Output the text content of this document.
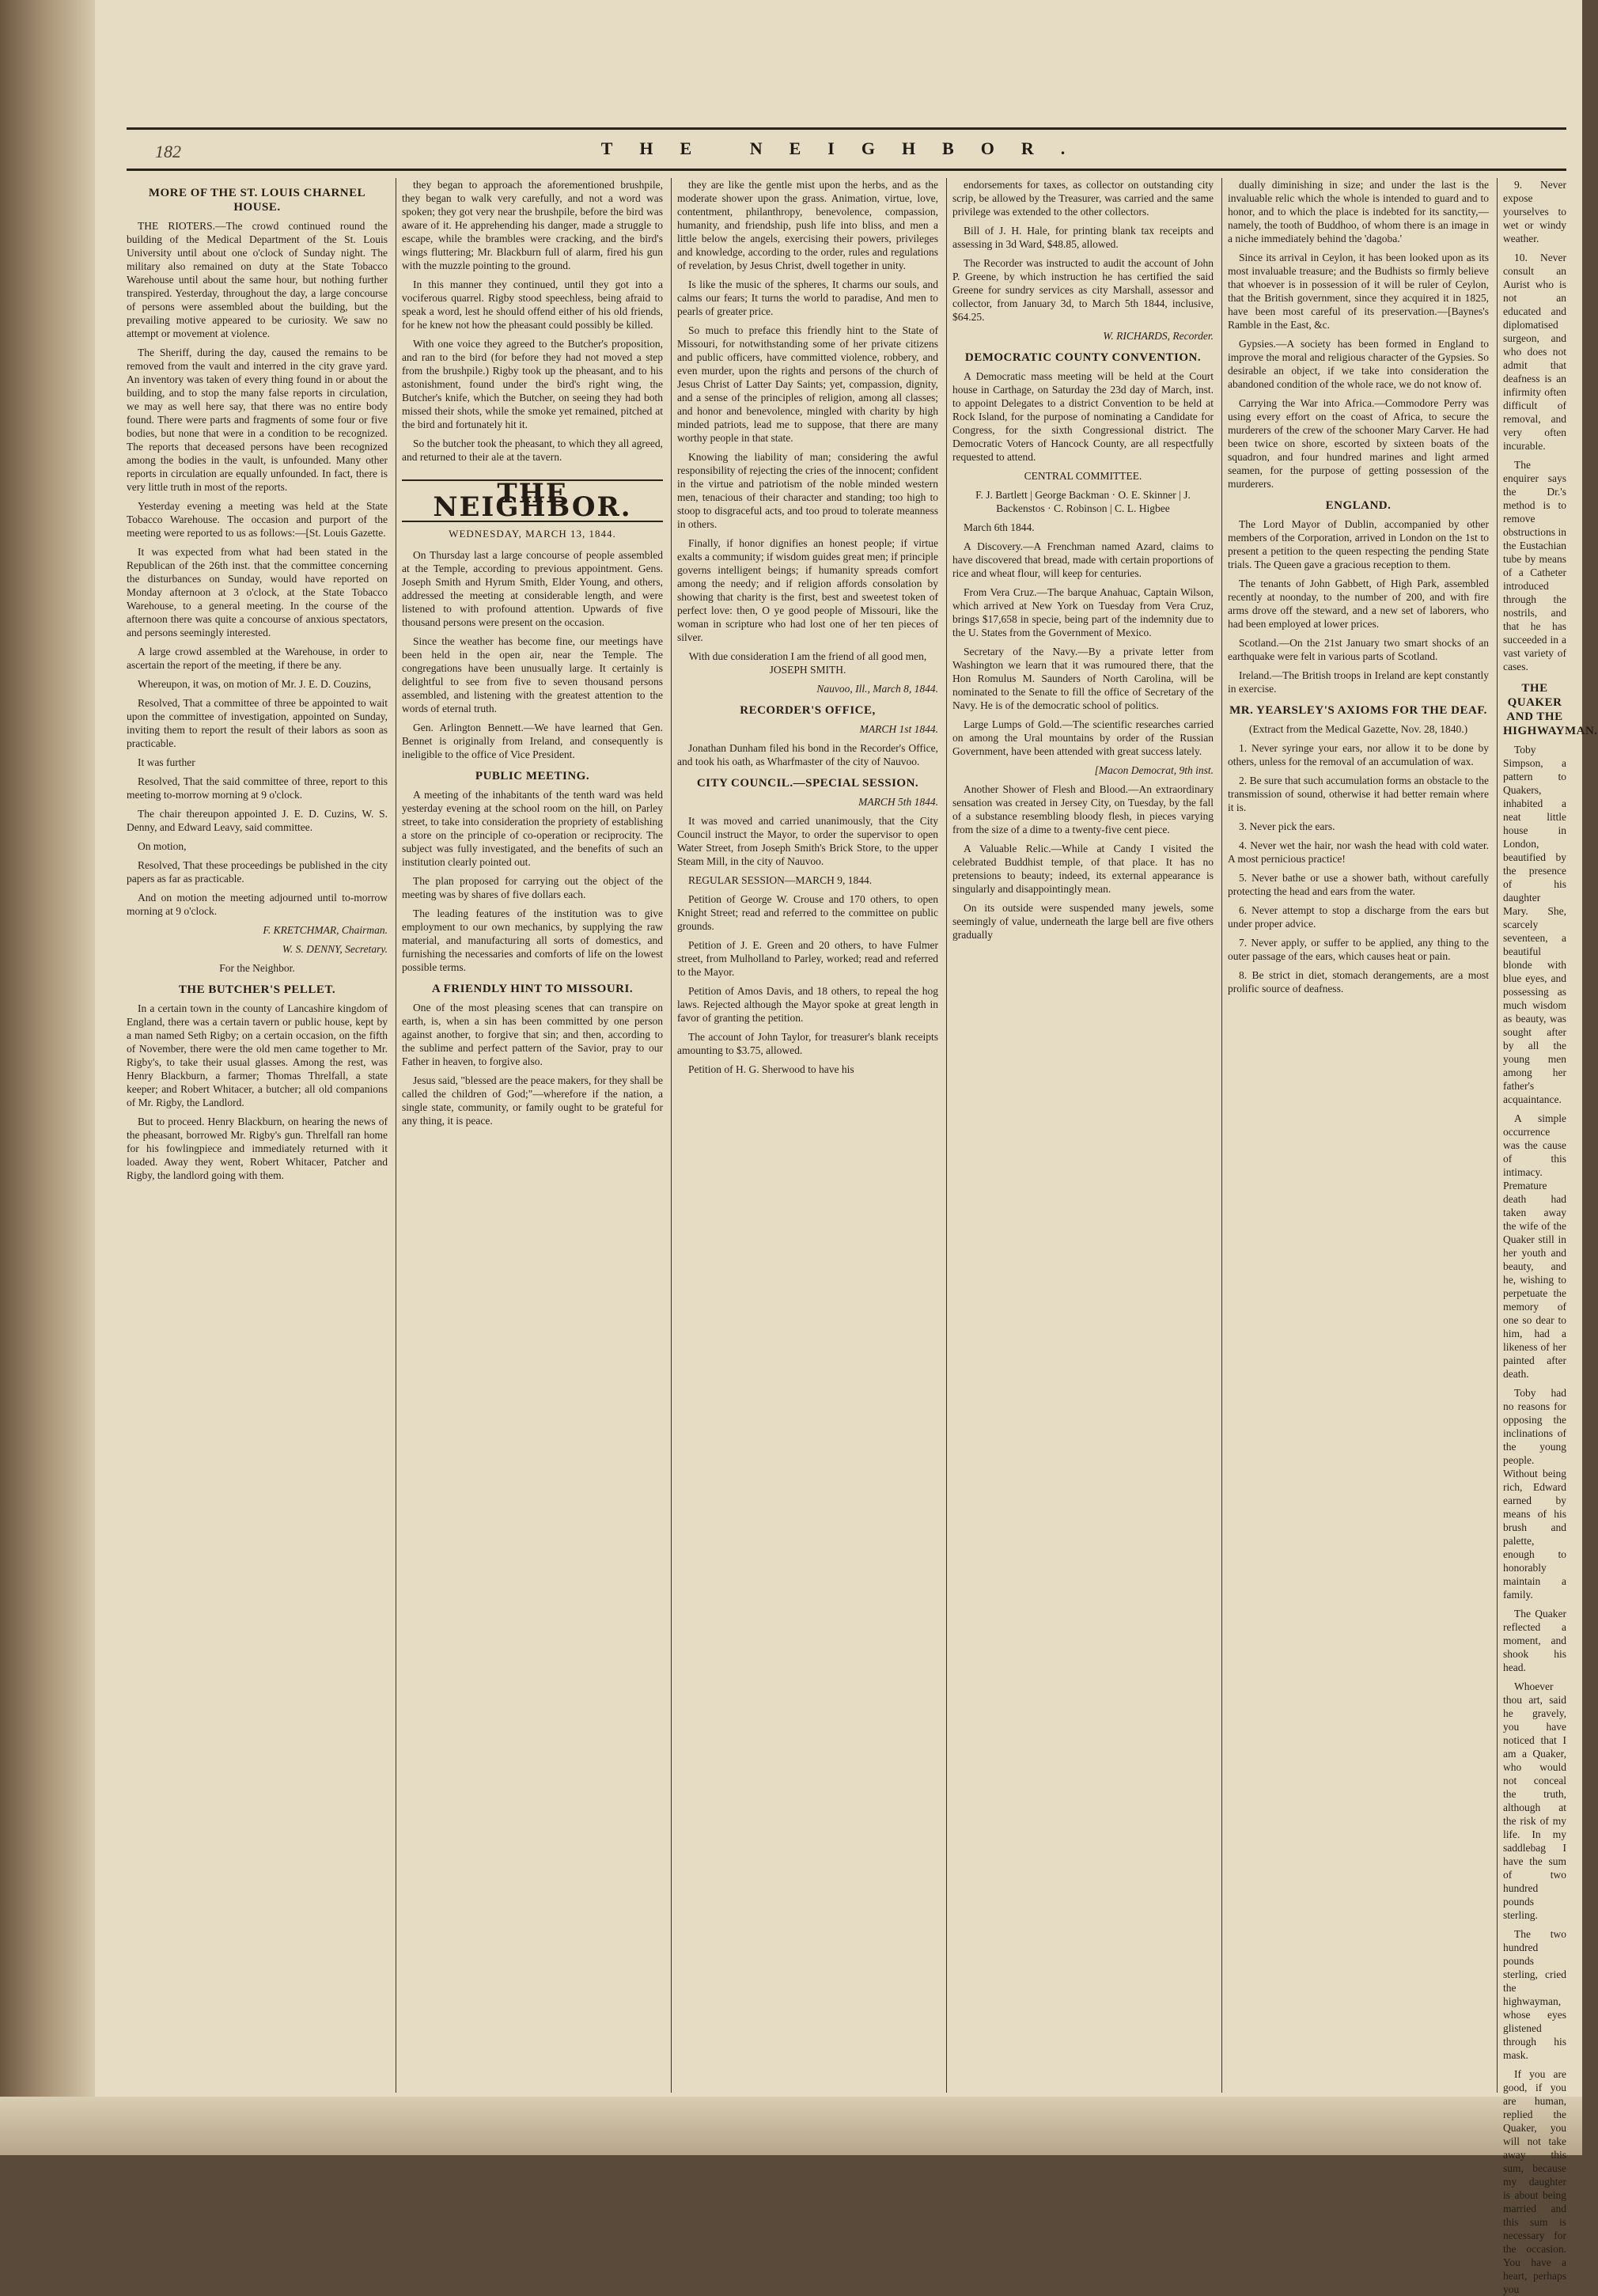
182	THE NEIGHBOR.
MORE OF THE ST. LOUIS CHARNEL HOUSE.

THE RIOTERS.—The crowd continued round the building of the Medical Department of the St. Louis University until about one o'clock of Sunday night. The military also remained on duty at the State Tobacco Warehouse until about the same hour, but nothing further transpired. Yesterday, throughout the day, a large concourse of persons were assembled about the building, but the prevailing motive appeared to be curiosity. We saw no attempt or movement at violence.

The Sheriff, during the day, caused the remains to be removed from the vault and interred in the city grave yard. An inventory was taken of every thing found in or about the building, and to stop the many false reports in circulation, we may as well here say, that there was no entire body found. There were parts and fragments of some four or five bodies, but none that were in a condition to be recognized. The reports that deceased persons have been recognized among the bodies in the vault, is unfounded. Many other reports in circulation are equally unfounded. In fact, there is very little truth in most of the reports.

Yesterday evening a meeting was held at the State Tobacco Warehouse. The occasion and purport of the meeting were reported to us as follows:—[St. Louis Gazette.

It was expected from what had been stated in the Republican of the 26th inst. that the committee concerning the disturbances on Sunday, would have reported on Monday afternoon at 3 o'clock, at the State Tobacco Warehouse, to a general meeting. In the course of the afternoon there was quite a concourse of anxious spectators, and persons seemingly interested.

A large crowd assembled at the Warehouse, in order to ascertain the report of the meeting, if there be any.

Whereupon, it was, on motion of Mr. J. E. D. Couzins,

Resolved, That a committee of three be appointed to wait upon the committee of investigation, appointed on Sunday, inviting them to report the result of their labors as soon as practicable.

It was further

Resolved, That the said committee of three, report to this meeting to-morrow morning at 9 o'clock.

The chair thereupon appointed J. E. D. Cuzins, W. S. Denny, and Edward Leavy, said committee.

On motion,

Resolved, That these proceedings be published in the city papers as far as practicable.

And on motion the meeting adjourned until to-morrow morning at 9 o'clock.

F. KRETCHMAR, Chairman.

W. S. DENNY, Secretary.

For the Neighbor.

THE BUTCHER'S PELLET.

In a certain town in the county of Lancashire kingdom of England, there was a certain tavern or public house, kept by a man named Seth Rigby; on a certain occasion, on the fifth of November, there were the old men came together to Mr. Rigby's, to take their usual glasses. Among the rest, was Henry Blackburn, a farmer; Thomas Threlfall, a state keeper; and Robert Whitacer, a butcher; all old companions of Mr. Rigby, the Landlord.

But to proceed. Henry Blackburn, on hearing the news of the pheasant, borrowed Mr. Rigby's gun. Threlfall ran home for his fowlingpiece and immediately returned with it loaded. Away they went, Robert Whitacer, Patcher and Rigby, the landlord going with them.

they began to approach the aforementioned brushpile, they began to walk very carefully, and not a word was spoken; they got very near the brushpile, before the bird was aware of it. He apprehending his danger, made a struggle to escape, while the brambles were cracking, and the bird's wings fluttering; Mr. Blackburn full of alarm, fired his gun with the muzzle pointing to the ground.

In this manner they continued, until they got into a vociferous quarrel. Rigby stood speechless, being afraid to speak a word, lest he should offend either of his old friends, for he knew not how the pheasant could possibly be killed.

With one voice they agreed to the Butcher's proposition, and ran to the bird (for before they had not moved a step from the brushpile.) Rigby took up the pheasant, and to his astonishment, found under the bird's right wing, the Butcher's knife, which the Butcher, on seeing they had both missed their shots, while the smoke yet remained, pitched at the bird and fortunately hit it.

So the butcher took the pheasant, to which they all agreed, and returned to their ale at the tavern.

THE NEIGHBOR.
WEDNESDAY, MARCH 13, 1844.

On Thursday last a large concourse of people assembled at the Temple, according to previous appointment. Gens. Joseph Smith and Hyrum Smith, Elder Young, and others, addressed the meeting at considerable length, and were listened to with profound attention. Upwards of five thousand persons were present on the occasion.

Since the weather has become fine, our meetings have been held in the open air, near the Temple. The congregations have been unusually large. It certainly is delightful to see from five to seven thousand persons assembled, and listening with the greatest attention to the words of eternal truth.

Gen. Arlington Bennett.—We have learned that Gen. Bennet is originally from Ireland, and consequently is ineligible to the office of Vice President.

PUBLIC MEETING.

A meeting of the inhabitants of the tenth ward was held yesterday evening at the school room on the hill, on Parley street, to take into consideration the propriety of establishing a store on the principle of co-operation or reciprocity. The subject was fully investigated, and the benefits of such an institution clearly pointed out.

The plan proposed for carrying out the object of the meeting was by shares of five dollars each.

The leading features of the institution was to give employment to our own mechanics, by supplying the raw material, and manufacturing all sorts of domestics, and furnishing the necessaries and comforts of life on the lowest possible terms.

A FRIENDLY HINT TO MISSOURI.

One of the most pleasing scenes that can transpire on earth, is, when a sin has been committed by one person against another, to forgive that sin; and then, according to the sublime and perfect pattern of the Savior, pray to our Father in heaven, to forgive also.

Jesus said, "blessed are the peace makers, for they shall be called the children of God;"—wherefore if the nation, a single state, community, or family ought to be grateful for any thing, it is peace.

they are like the gentle mist upon the herbs, and as the moderate shower upon the grass. Animation, virtue, love, contentment, philanthropy, benevolence, compassion, humanity, and friendship, push life into bliss, and men a little below the angels, exercising their powers, privileges and knowledge, according to the order, rules and regulations of revelation, by Jesus Christ, dwell together in unity.

Is like the music of the spheres, It charms our souls, and calms our fears; It turns the world to paradise, And men to pearls of greater price.

So much to preface this friendly hint to the State of Missouri, for notwithstanding some of her private citizens and public officers, have committed violence, robbery, and even murder, upon the rights and persons of the church of Jesus Christ of Latter Day Saints; yet, compassion, dignity, and a sense of the principles of religion, among all classes; and honor and benevolence, mingled with charity by high minded patriots, lead me to suppose, that there are many worthy people in that state.

Knowing the liability of man; considering the awful responsibility of rejecting the cries of the innocent; confident in the virtue and patriotism of the noble minded western men, tenacious of their character and standing; too high to stoop to disgraceful acts, and too proud to tolerate meanness in others.

Finally, if honor dignifies an honest people; if virtue exalts a community; if wisdom guides great men; if principle governs intelligent beings; if humanity spreads comfort among the needy; and if religion affords consolation by showing that charity is the first, best and sweetest token of perfect love: then, O ye good people of Missouri, like the woman in scripture who had lost one of her ten pieces of silver.

With due consideration I am the friend of all good men, JOSEPH SMITH.

Nauvoo, Ill., March 8, 1844.

RECORDER'S OFFICE,

MARCH 1st 1844.

Jonathan Dunham filed his bond in the Recorder's Office, and took his oath, as Wharfmaster of the city of Nauvoo.

CITY COUNCIL.—SPECIAL SESSION.

MARCH 5th 1844.

It was moved and carried unanimously, that the City Council instruct the Mayor, to order the supervisor to open Water Street, from Joseph Smith's Brick Store, to the upper Steam Mill, in the city of Nauvoo.

REGULAR SESSION—MARCH 9, 1844.

Petition of George W. Crouse and 170 others, to open Knight Street; read and referred to the committee on public grounds.

Petition of J. E. Green and 20 others, to have Fulmer street, from Mulholland to Parley, worked; read and referred to the Mayor.

Petition of Amos Davis, and 18 others, to repeal the hog laws. Rejected although the Mayor spoke at great length in favor of granting the petition.

The account of John Taylor, for treasurer's blank receipts amounting to $3.75, allowed.

Petition of H. G. Sherwood to have his

endorsements for taxes, as collector on outstanding city scrip, be allowed by the Treasurer, was carried and the same privilege was extended to the other collectors.

Bill of J. H. Hale, for printing blank tax receipts and assessing in 3d Ward, $48.85, allowed.

The Recorder was instructed to audit the account of John P. Greene, by which instruction he has certified the said Greene for sundry services as city Marshall, assessor and collector, from January 3d, to March 5th 1844, inclusive, $64.25.

W. RICHARDS, Recorder.

DEMOCRATIC COUNTY CONVENTION.

A Democratic mass meeting will be held at the Court house in Carthage, on Saturday the 23d day of March, inst. to appoint Delegates to a district Convention to be held at Rock Island, for the purpose of nominating a Candidate for Congress, for the sixth Congressional district. The Democratic Voters of Hancock County, are all respectfully requested to attend.

CENTRAL COMMITTEE.

F. J. Bartlett | George Backman · O. E. Skinner | J. Backenstos · C. Robinson | C. L. Higbee

March 6th 1844.

A Discovery.—A Frenchman named Azard, claims to have discovered that bread, made with certain proportions of rice and wheat flour, will keep for centuries.

From Vera Cruz.—The barque Anahuac, Captain Wilson, which arrived at New York on Tuesday from Vera Cruz, brings $17,658 in specie, being part of the indemnity due to the U. States from the Government of Mexico.

Secretary of the Navy.—By a private letter from Washington we learn that it was rumoured there, that the Hon Romulus M. Saunders of North Carolina, will be nominated to the Senate to fill the office of Secretary of the Navy. He is of the democratic school of politics.

Large Lumps of Gold.—The scientific researches carried on among the Ural mountains by order of the Russian Government, have been attended with great success lately.

[Macon Democrat, 9th inst.

Another Shower of Flesh and Blood.—An extraordinary sensation was created in Jersey City, on Tuesday, by the fall of a substance resembling bloody flesh, in pieces varying from the size of a dime to a twenty-five cent piece.

A Valuable Relic.—While at Candy I visited the celebrated Buddhist temple, of that place. It has no pretensions to beauty; indeed, its external appearance is singularly and disappointingly mean.

On its outside were suspended many jewels, some seemingly of value, underneath the large bell are five others gradually

dually diminishing in size; and under the last is the invaluable relic which the whole is intended to guard and to honor, and to which the place is indebted for its sanctity,—namely, the tooth of Buddhoo, of whom there is an image in a niche immediately behind the 'dagoba.'

Since its arrival in Ceylon, it has been looked upon as its most invaluable treasure; and the Budhists so firmly believe that whoever is in possession of it will be ruler of Ceylon, that the British government, since they acquired it in 1825, have been most careful of its preservation.—[Baynes's Ramble in the East, &c.

Gypsies.—A society has been formed in England to improve the moral and religious character of the Gypsies. So desirable an object, if we take into consideration the abandoned condition of the whole race, we do not know of.

Carrying the War into Africa.—Commodore Perry was using every effort on the coast of Africa, to secure the murderers of the crew of the schooner Mary Carver. He had been twice on shore, escorted by sixteen boats of the squadron, and four hundred marines and light armed seamen, for the purpose of getting possession of the murderers.

ENGLAND.

The Lord Mayor of Dublin, accompanied by other members of the Corporation, arrived in London on the 1st to present a petition to the queen respecting the pending State trials. The Queen gave a gracious reception to them.

The tenants of John Gabbett, of High Park, assembled recently at noonday, to the number of 200, and with fire arms drove off the steward, and a new set of laborers, who had been employed at lower prices.

Scotland.—On the 21st January two smart shocks of an earthquake were felt in various parts of Scotland.

Ireland.—The British troops in Ireland are kept constantly in exercise.

MR. YEARSLEY'S AXIOMS FOR THE DEAF.

(Extract from the Medical Gazette, Nov. 28, 1840.)

1. Never syringe your ears, nor allow it to be done by others, unless for the removal of an accumulation of wax.

2. Be sure that such accumulation forms an obstacle to the transmission of sound, otherwise it had better remain where it is.

3. Never pick the ears.

4. Never wet the hair, nor wash the head with cold water. A most pernicious practice!

5. Never bathe or use a shower bath, without carefully protecting the head and ears from the water.

6. Never attempt to stop a discharge from the ears but under proper advice.

7. Never apply, or suffer to be applied, any thing to the outer passage of the ears, which causes heat or pain.

8. Be strict in diet, stomach derangements, are a most prolific source of deafness.

9. Never expose yourselves to wet or windy weather.

10. Never consult an Aurist who is not an educated and diplomatised surgeon, and who does not admit that deafness is an infirmity often difficult of removal, and very often incurable.

The enquirer says the Dr.'s method is to remove obstructions in the Eustachian tube by means of a Catheter introduced through the nostrils, and that he has succeeded in a vast variety of cases.

THE QUAKER AND THE HIGHWAYMAN.

Toby Simpson, a pattern to Quakers, inhabited a neat little house in London, beautified by the presence of his daughter Mary. She, scarcely seventeen, a beautiful blonde with blue eyes, and possessing as much wisdom as beauty, was sought after by all the young men among her father's acquaintance.

A simple occurrence was the cause of this intimacy. Premature death had taken away the wife of the Quaker still in her youth and beauty, and he, wishing to perpetuate the memory of one so dear to him, had a likeness of her painted after death.

Toby had no reasons for opposing the inclinations of the young people. Without being rich, Edward earned by means of his brush and palette, enough to honorably maintain a family.

The Quaker reflected a moment, and shook his head.

Whoever thou art, said he gravely, you have noticed that I am a Quaker, who would not conceal the truth, although at the risk of my life. In my saddlebag I have the sum of two hundred pounds sterling.

The two hundred pounds sterling, cried the highwayman, whose eyes glistened through his mask.

If you are good, if you are human, replied the Quaker, you will not take away this sum, because my daughter is about being married and this sum is necessary for the occasion. You have a heart, perhaps you
